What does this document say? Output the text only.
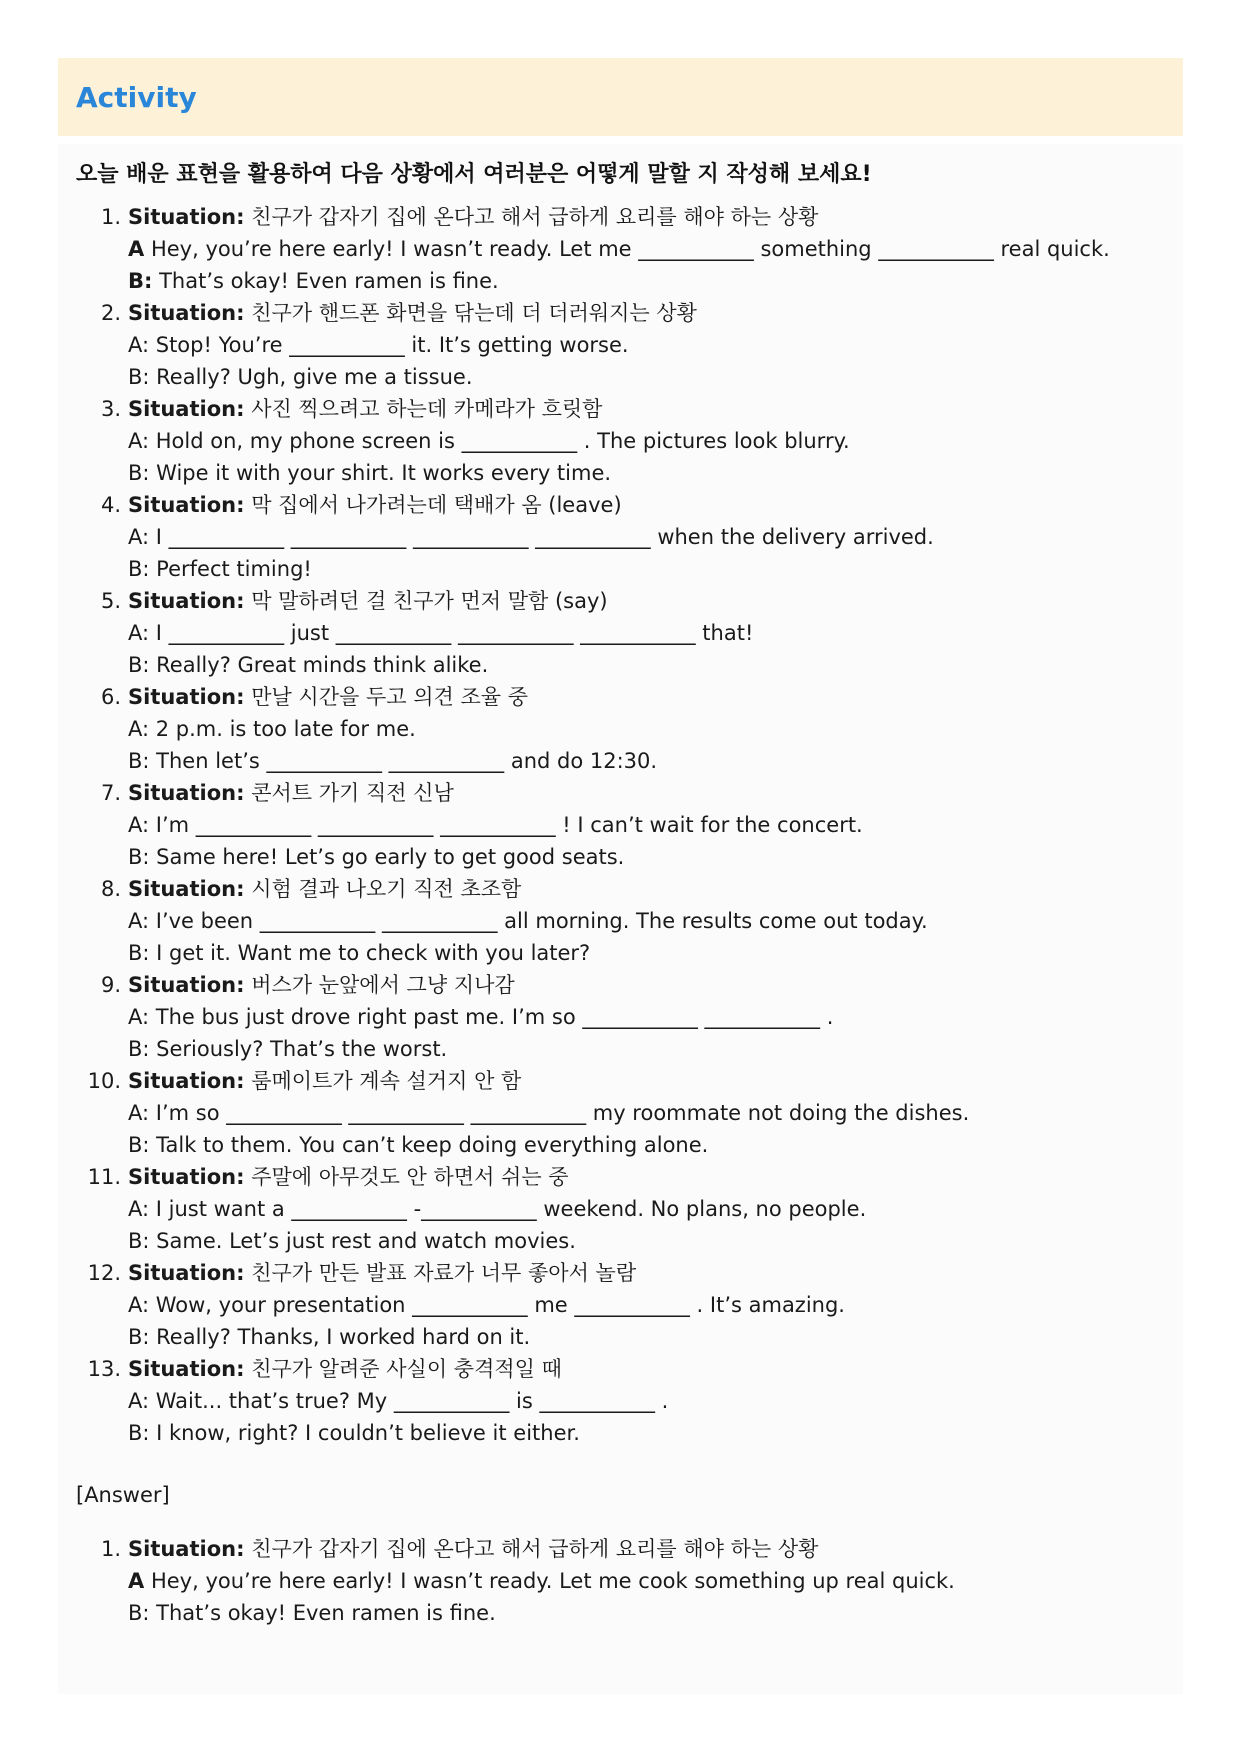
Activity

오늘 배운 표현을 활용하여 다음 상황에서 여러분은 어떻게 말할 지 작성해 보세요!

1. Situation: 친구가 갑자기 집에 온다고 해서 급하게 요리를 해야 하는 상황
A Hey, you’re here early! I wasn’t ready. Let me ___________ something ___________ real quick.
B: That’s okay! Even ramen is fine.
2. Situation: 친구가 핸드폰 화면을 닦는데 더 더러워지는 상황
A: Stop! You’re ___________ it. It’s getting worse.
B: Really? Ugh, give me a tissue.
3. Situation: 사진 찍으려고 하는데 카메라가 흐릿함
A: Hold on, my phone screen is ___________ . The pictures look blurry.
B: Wipe it with your shirt. It works every time.
4. Situation: 막 집에서 나가려는데 택배가 옴 (leave)
A: I ___________ ___________ ___________ ___________ when the delivery arrived.
B: Perfect timing!
5. Situation: 막 말하려던 걸 친구가 먼저 말함 (say)
A: I ___________ just ___________ ___________ ___________ that!
B: Really? Great minds think alike.
6. Situation: 만날 시간을 두고 의견 조율 중
A: 2 p.m. is too late for me.
B: Then let’s ___________ ___________ and do 12:30.
7. Situation: 콘서트 가기 직전 신남
A: I’m ___________ ___________ ___________ ! I can’t wait for the concert.
B: Same here! Let’s go early to get good seats.
8. Situation: 시험 결과 나오기 직전 초조함
A: I’ve been ___________ ___________ all morning. The results come out today.
B: I get it. Want me to check with you later?
9. Situation: 버스가 눈앞에서 그냥 지나감
A: The bus just drove right past me. I’m so ___________ ___________ .
B: Seriously? That’s the worst.
10. Situation: 룸메이트가 계속 설거지 안 함
A: I’m so ___________ ___________ ___________ my roommate not doing the dishes.
B: Talk to them. You can’t keep doing everything alone.
11. Situation: 주말에 아무것도 안 하면서 쉬는 중
A: I just want a ___________ -___________ weekend. No plans, no people.
B: Same. Let’s just rest and watch movies.
12. Situation: 친구가 만든 발표 자료가 너무 좋아서 놀람
A: Wow, your presentation ___________ me ___________ . It’s amazing.
B: Really? Thanks, I worked hard on it.
13. Situation: 친구가 알려준 사실이 충격적일 때
A: Wait... that’s true? My ___________ is ___________ .
B: I know, right? I couldn’t believe it either.
[Answer]
1. Situation: 친구가 갑자기 집에 온다고 해서 급하게 요리를 해야 하는 상황
A Hey, you’re here early! I wasn’t ready. Let me cook something up real quick.
B: That’s okay! Even ramen is fine.
